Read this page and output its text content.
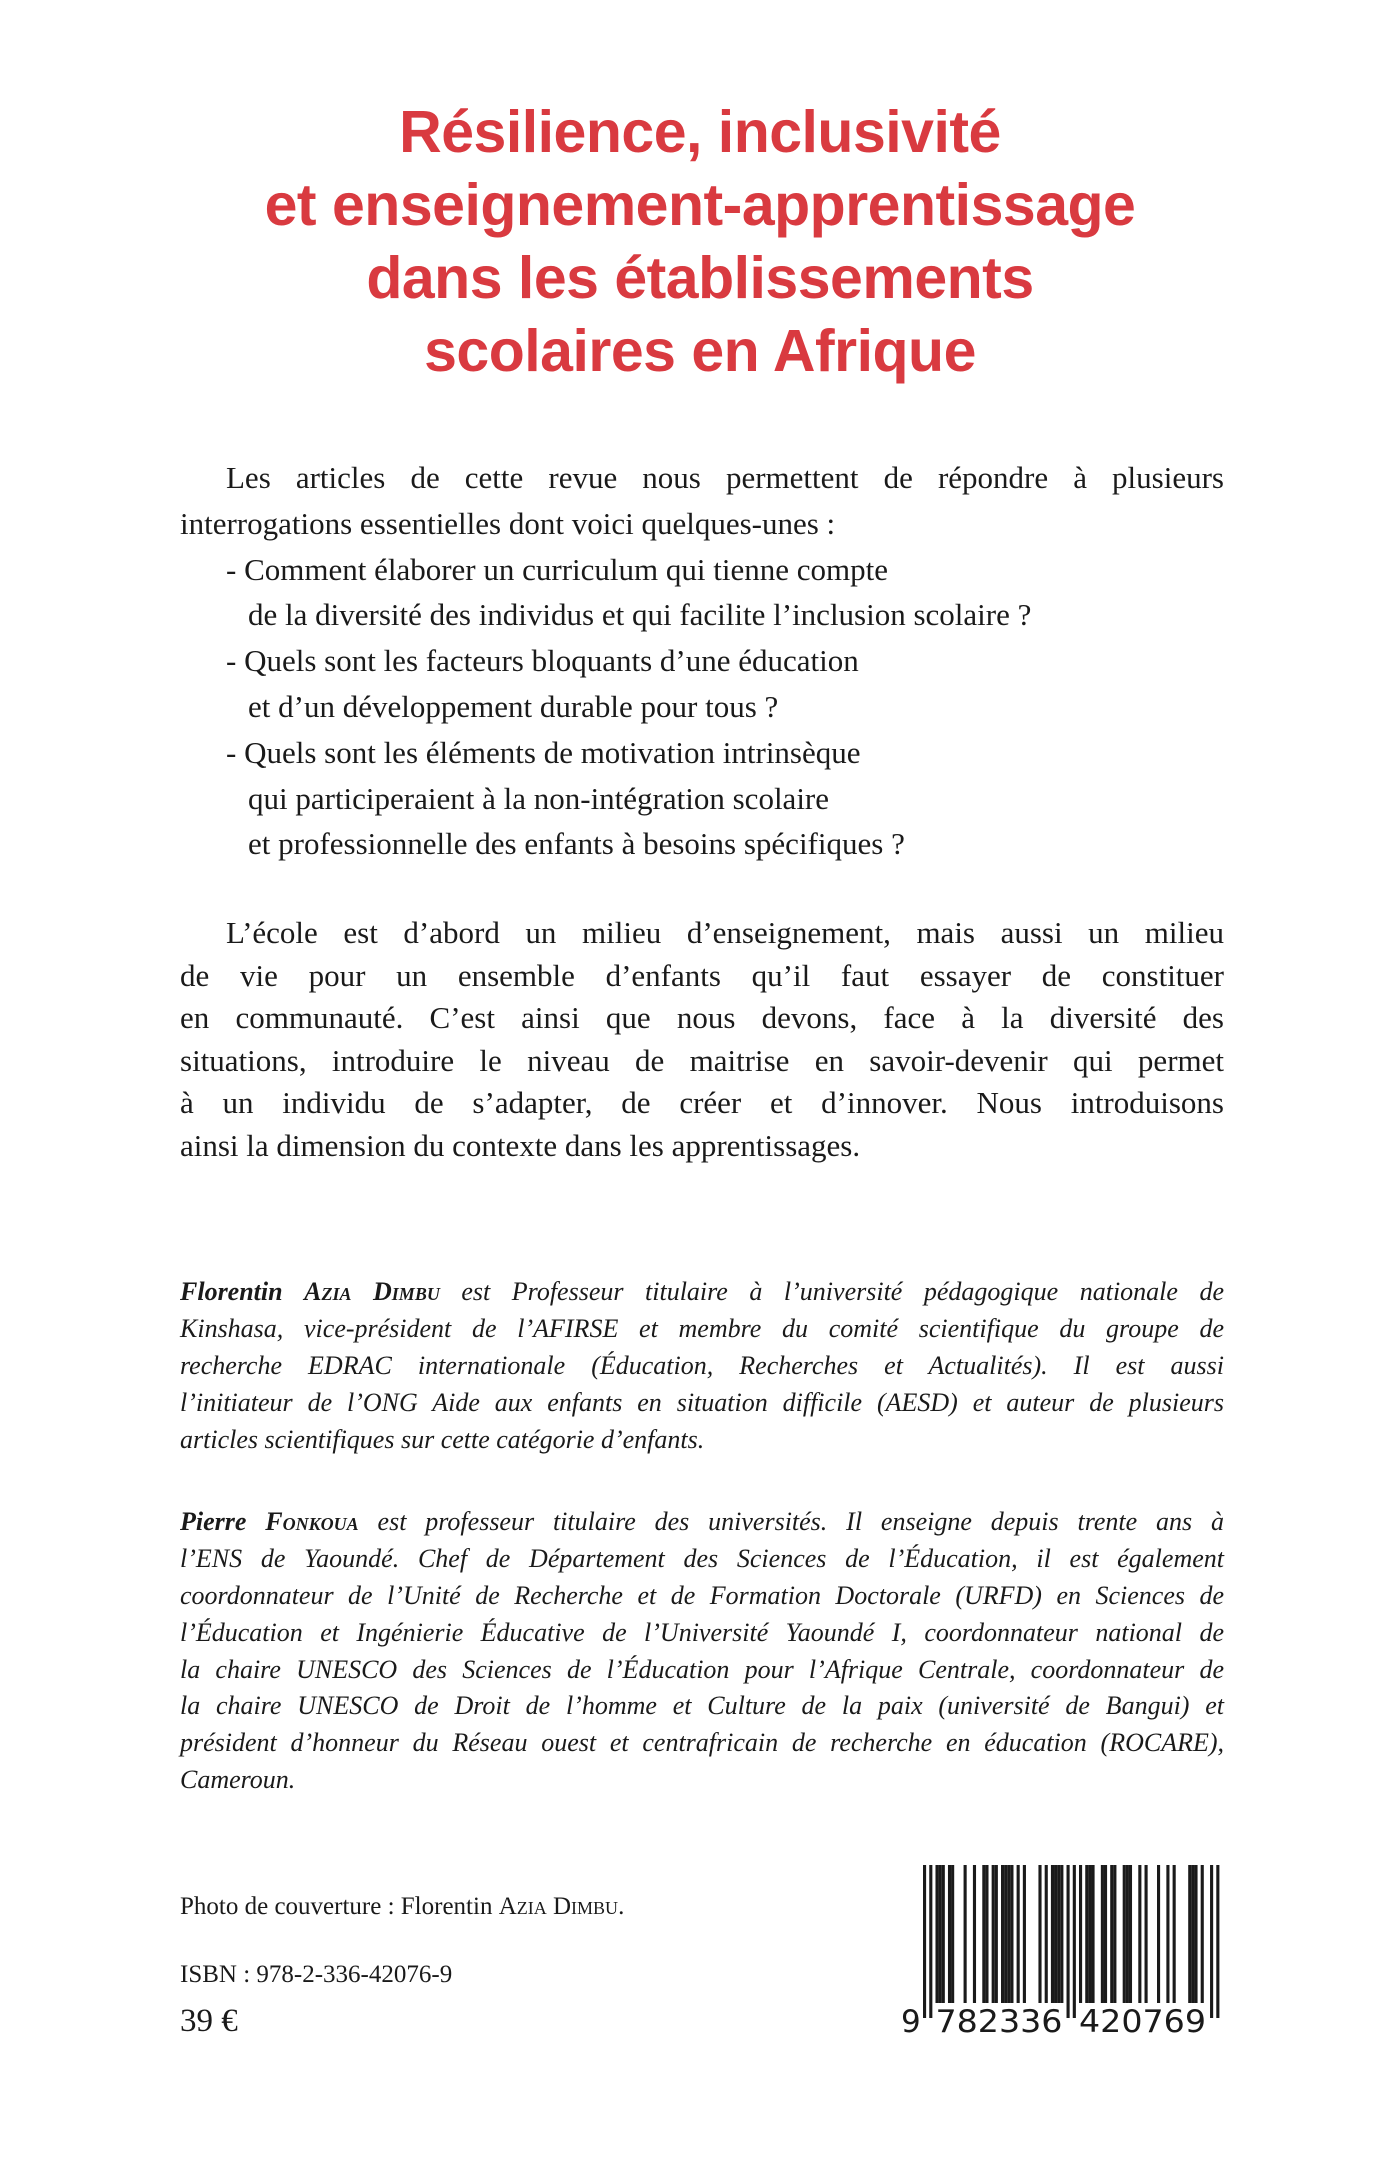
Résilience, inclusivité
et enseignement-apprentissage
dans les établissements
scolaires en Afrique
Les articles de cette revue nous permettent de répondre à plusieurs
interrogations essentielles dont voici quelques-unes :
- Comment élaborer un curriculum qui tienne compte
de la diversité des individus et qui facilite l’inclusion scolaire ?
- Quels sont les facteurs bloquants d’une éducation
et d’un développement durable pour tous ?
- Quels sont les éléments de motivation intrinsèque
qui participeraient à la non-intégration scolaire
et professionnelle des enfants à besoins spécifiques ?
L’école est d’abord un milieu d’enseignement, mais aussi un milieu
de vie pour un ensemble d’enfants qu’il faut essayer de constituer
en communauté. C’est ainsi que nous devons, face à la diversité des
situations, introduire le niveau de maitrise en savoir-devenir qui permet
à un individu de s’adapter, de créer et d’innover. Nous introduisons
ainsi la dimension du contexte dans les apprentissages.
Florentin Azia Dimbu est Professeur titulaire à l’université pédagogique nationale de
Kinshasa, vice-président de l’AFIRSE et membre du comité scientifique du groupe de
recherche EDRAC internationale (Éducation, Recherches et Actualités). Il est aussi
l’initiateur de l’ONG Aide aux enfants en situation difficile (AESD) et auteur de plusieurs
articles scientifiques sur cette catégorie d’enfants.
Pierre Fonkoua est professeur titulaire des universités. Il enseigne depuis trente ans à
l’ENS de Yaoundé. Chef de Département des Sciences de l’Éducation, il est également
coordonnateur de l’Unité de Recherche et de Formation Doctorale (URFD) en Sciences de
l’Éducation et Ingénierie Éducative de l’Université Yaoundé I, coordonnateur national de
la chaire UNESCO des Sciences de l’Éducation pour l’Afrique Centrale, coordonnateur de
la chaire UNESCO de Droit de l’homme et Culture de la paix (université de Bangui) et
président d’honneur du Réseau ouest et centrafricain de recherche en éducation (ROCARE),
Cameroun.
Photo de couverture : Florentin Azia Dimbu.
ISBN : 978-2-336-42076-9
39 €	9 782336 420769
